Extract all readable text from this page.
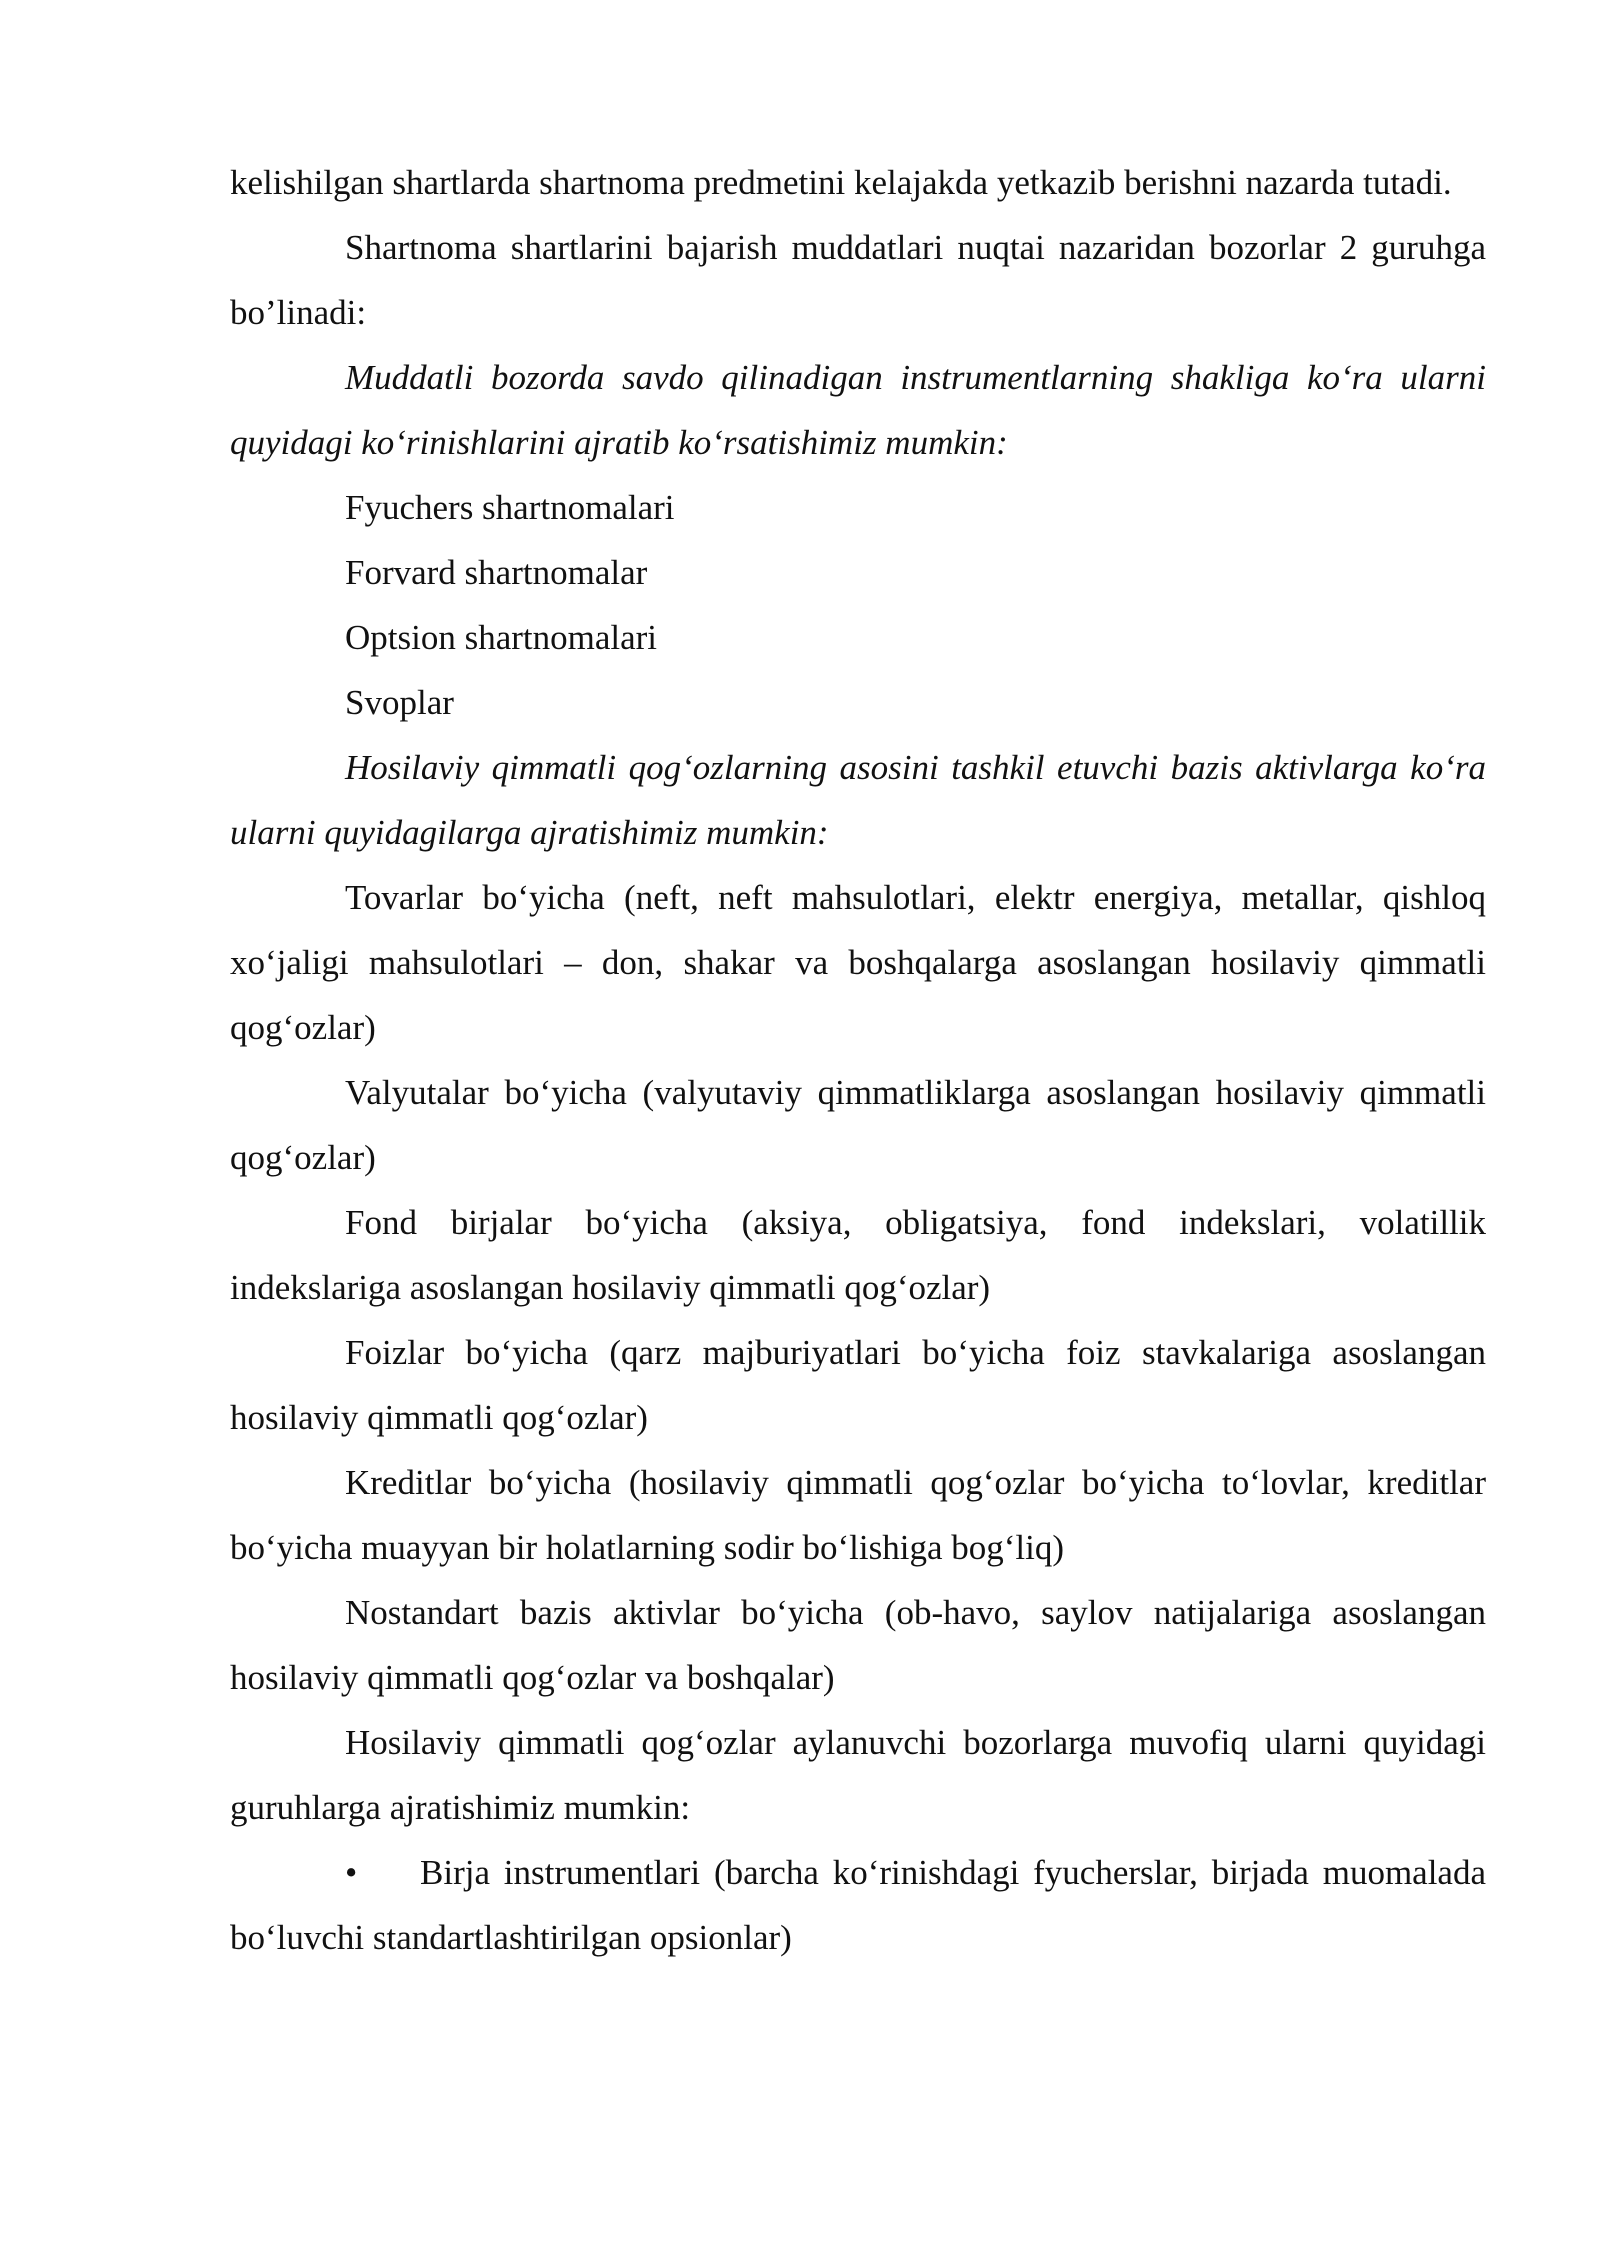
kelishilgan shartlarda shartnoma predmetini kelajakda yetkazib berishni nazarda tutadi.

Shartnoma shartlarini bajarish muddatlari nuqtai nazaridan bozorlar 2 guruhga bo’linadi:

Muddatli bozorda savdo qilinadigan instrumentlarning shakliga ko‘ra ularni quyidagi ko‘rinishlarini ajratib ko‘rsatishimiz mumkin:

Fyuchers shartnomalari

Forvard shartnomalar

Optsion shartnomalari

Svoplar

Hosilaviy qimmatli qog‘ozlarning asosini tashkil etuvchi bazis aktivlarga ko‘ra ularni quyidagilarga ajratishimiz mumkin:

Tovarlar bo‘yicha (neft, neft mahsulotlari, elektr energiya, metallar, qishloq xo‘jaligi mahsulotlari – don, shakar va boshqalarga asoslangan hosilaviy qimmatli qog‘ozlar)

Valyutalar bo‘yicha (valyutaviy qimmatliklarga asoslangan hosilaviy qimmatli qog‘ozlar)

Fond birjalar bo‘yicha (aksiya, obligatsiya, fond indekslari, volatillik indekslariga asoslangan hosilaviy qimmatli qog‘ozlar)

Foizlar bo‘yicha (qarz majburiyatlari bo‘yicha foiz stavkalariga asoslangan hosilaviy qimmatli qog‘ozlar)

Kreditlar bo‘yicha (hosilaviy qimmatli qog‘ozlar bo‘yicha to‘lovlar, kreditlar bo‘yicha muayyan bir holatlarning sodir bo‘lishiga bog‘liq)

Nostandart bazis aktivlar bo‘yicha (ob-havo, saylov natijalariga asoslangan hosilaviy qimmatli qog‘ozlar va boshqalar)

Hosilaviy qimmatli qog‘ozlar aylanuvchi bozorlarga muvofiq ularni quyidagi guruhlarga ajratishimiz mumkin:

• Birja instrumentlari (barcha ko‘rinishdagi fyucherslar, birjada muomalada bo‘luvchi standartlashtirilgan opsionlar)
